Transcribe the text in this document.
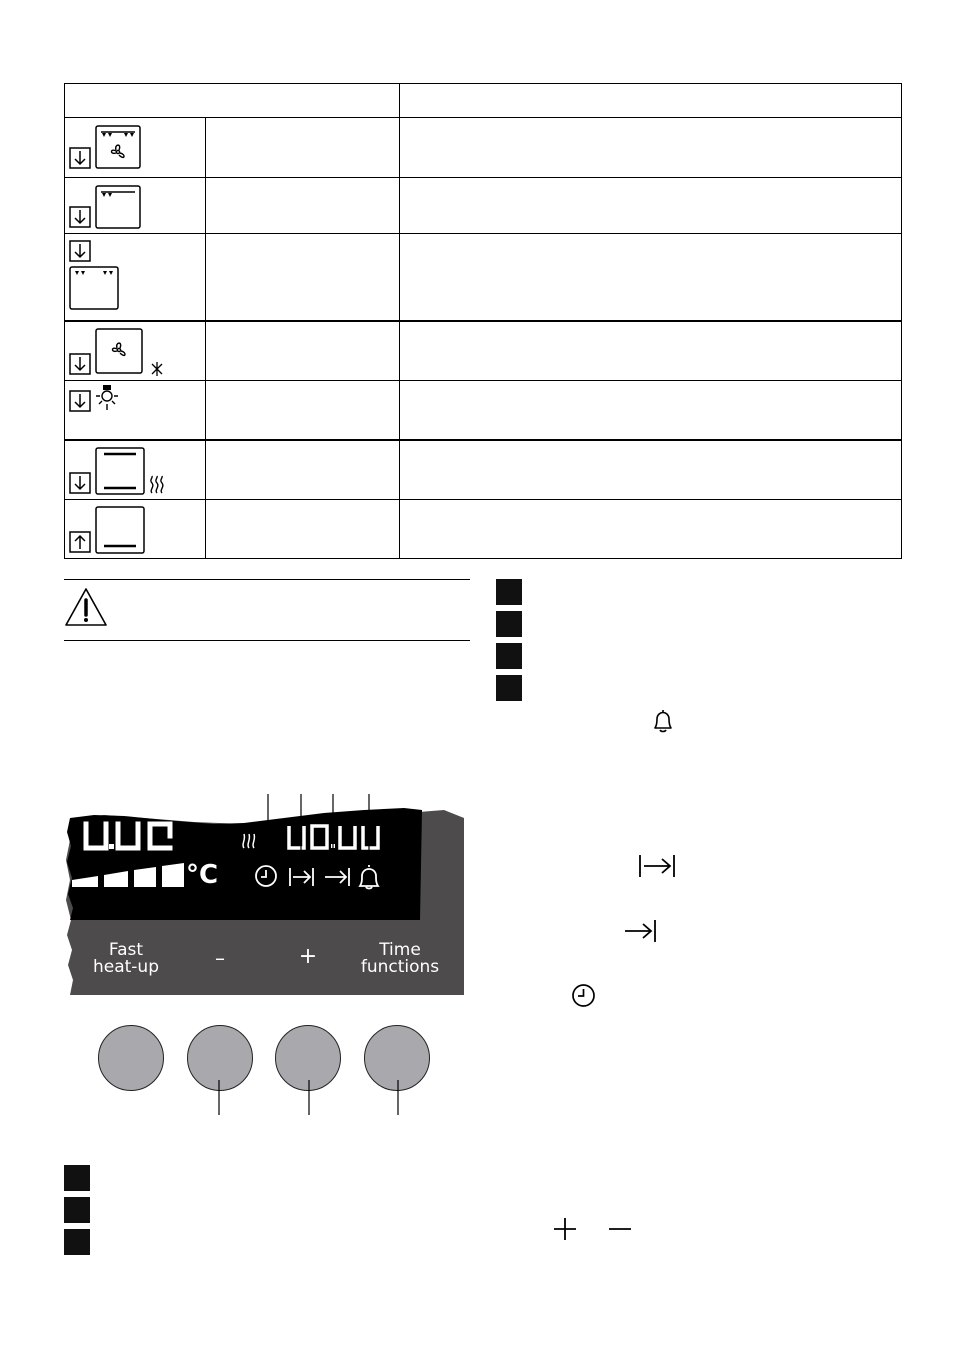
°C
Fast
heat-up	–	+	Time
functions
